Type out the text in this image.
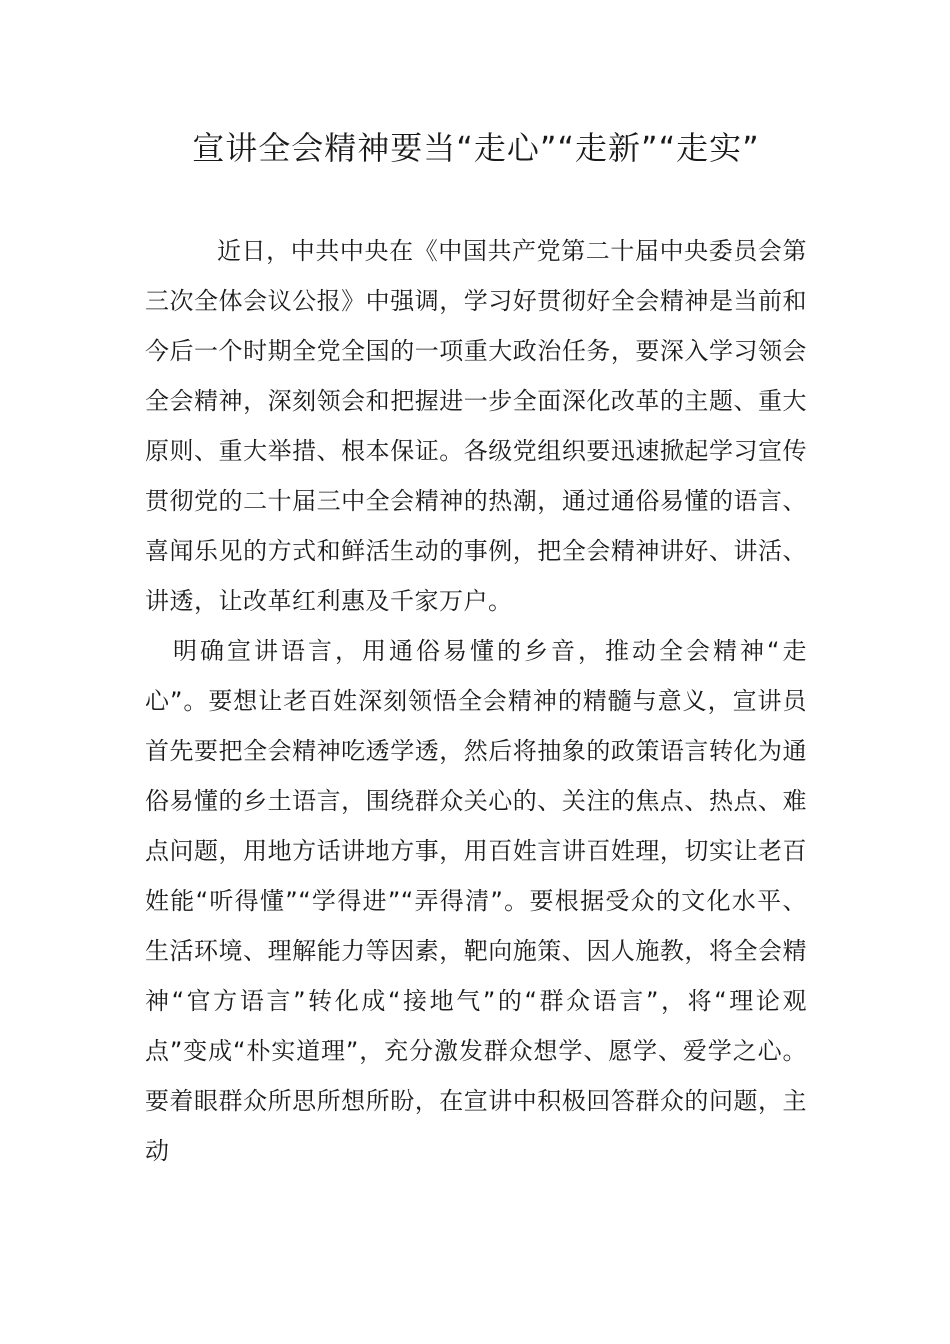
宣讲全会精神要当“走心”“走新”“走实”

近日，中共中央在《中国共产党第二十届中央委员会第三次全体会议公报》中强调，学习好贯彻好全会精神是当前和今后一个时期全党全国的一项重大政治任务，要深入学习领会全会精神，深刻领会和把握进一步全面深化改革的主题、重大原则、重大举措、根本保证。各级党组织要迅速掀起学习宣传贯彻党的二十届三中全会精神的热潮，通过通俗易懂的语言、喜闻乐见的方式和鲜活生动的事例，把全会精神讲好、讲活、讲透，让改革红利惠及千家万户。

明确宣讲语言，用通俗易懂的乡音，推动全会精神“走心”。要想让老百姓深刻领悟全会精神的精髓与意义，宣讲员首先要把全会精神吃透学透，然后将抽象的政策语言转化为通俗易懂的乡土语言，围绕群众关心的、关注的焦点、热点、难点问题，用地方话讲地方事，用百姓言讲百姓理，切实让老百姓能“听得懂”“学得进”“弄得清”。要根据受众的文化水平、生活环境、理解能力等因素，靶向施策、因人施教，将全会精神“官方语言”转化成“接地气”的“群众语言”，将“理论观点”变成“朴实道理”，充分激发群众想学、愿学、爱学之心。要着眼群众所思所想所盼，在宣讲中积极回答群众的问题，主动
